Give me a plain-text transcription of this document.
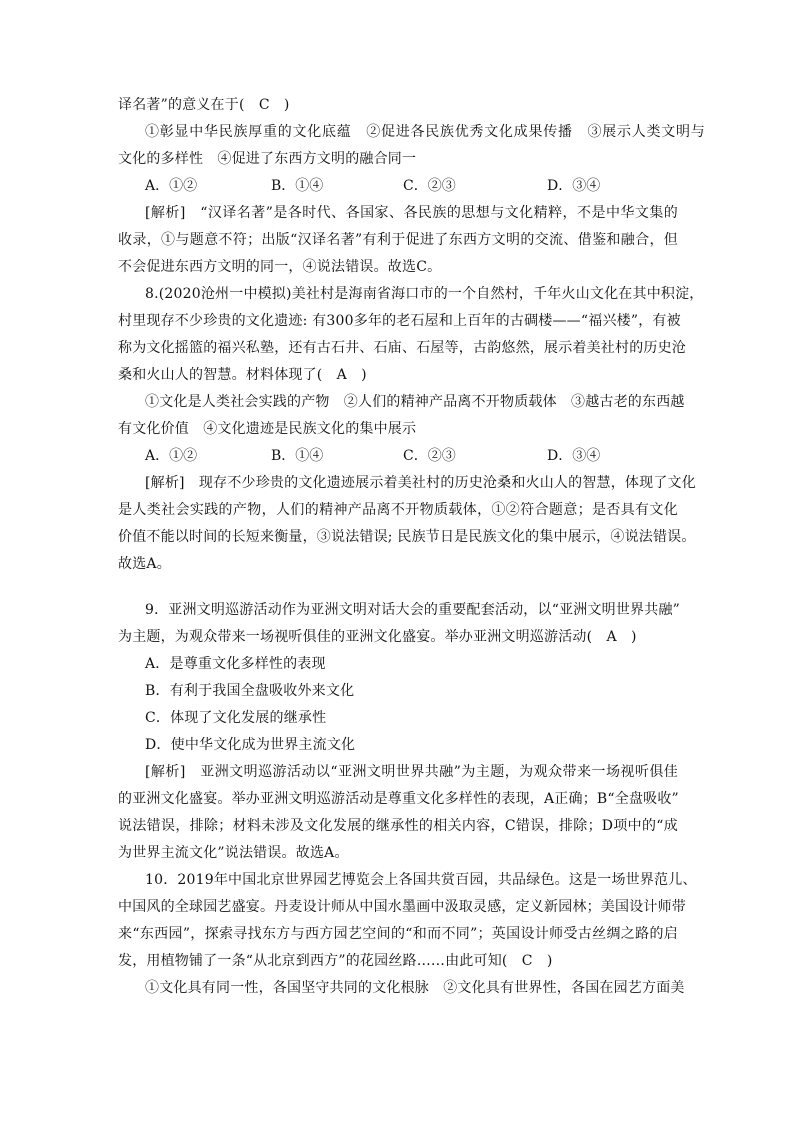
译名著”的意义在于(　C　)
①彰显中华民族厚重的文化底蕴　②促进各民族优秀文化成果传播　③展示人类文明与
文化的多样性　④促进了东西方文明的融合同一
A．①②	B．①④	C．②③	D．③④
[解析]　“汉译名著”是各时代、各国家、各民族的思想与文化精粹，不是中华文集的
收录，①与题意不符；出版“汉译名著”有利于促进了东西方文明的交流、借鉴和融合，但
不会促进东西方文明的同一，④说法错误。故选C。
8.(2020沧州一中模拟)美社村是海南省海口市的一个自然村，千年火山文化在其中积淀，
村里现存不少珍贵的文化遗迹: 有300多年的老石屋和上百年的古碉楼——“福兴楼”，有被
称为文化摇篮的福兴私塾，还有古石井、石庙、石屋等，古韵悠然，展示着美社村的历史沧
桑和火山人的智慧。材料体现了(　A　)
①文化是人类社会实践的产物　②人们的精神产品离不开物质载体　③越古老的东西越
有文化价值　④文化遗迹是民族文化的集中展示
A．①②	B．①④	C．②③	D．③④
[解析]　现存不少珍贵的文化遗迹展示着美社村的历史沧桑和火山人的智慧，体现了文化
是人类社会实践的产物，人们的精神产品离不开物质载体，①②符合题意；是否具有文化
价值不能以时间的长短来衡量，③说法错误; 民族节日是民族文化的集中展示，④说法错误。
故选A。
9．亚洲文明巡游活动作为亚洲文明对话大会的重要配套活动，以“亚洲文明世界共融”
为主题，为观众带来一场视听俱佳的亚洲文化盛宴。举办亚洲文明巡游活动(　A　)
A．是尊重文化多样性的表现
B．有利于我国全盘吸收外来文化
C．体现了文化发展的继承性
D．使中华文化成为世界主流文化
[解析]　亚洲文明巡游活动以“亚洲文明世界共融”为主题，为观众带来一场视听俱佳
的亚洲文化盛宴。举办亚洲文明巡游活动是尊重文化多样性的表现，A正确；B“全盘吸收”
说法错误，排除；材料未涉及文化发展的继承性的相关内容，C错误，排除；D项中的“成
为世界主流文化”说法错误。故选A。
10．2019年中国北京世界园艺博览会上各国共赏百园，共品绿色。这是一场世界范儿、
中国风的全球园艺盛宴。丹麦设计师从中国水墨画中汲取灵感，定义新园林；美国设计师带
来“东西园”，探索寻找东方与西方园艺空间的“和而不同”；英国设计师受古丝绸之路的启
发，用植物铺了一条“从北京到西方”的花园丝路……由此可知(　C　)
①文化具有同一性，各国坚守共同的文化根脉　②文化具有世界性，各国在园艺方面美
